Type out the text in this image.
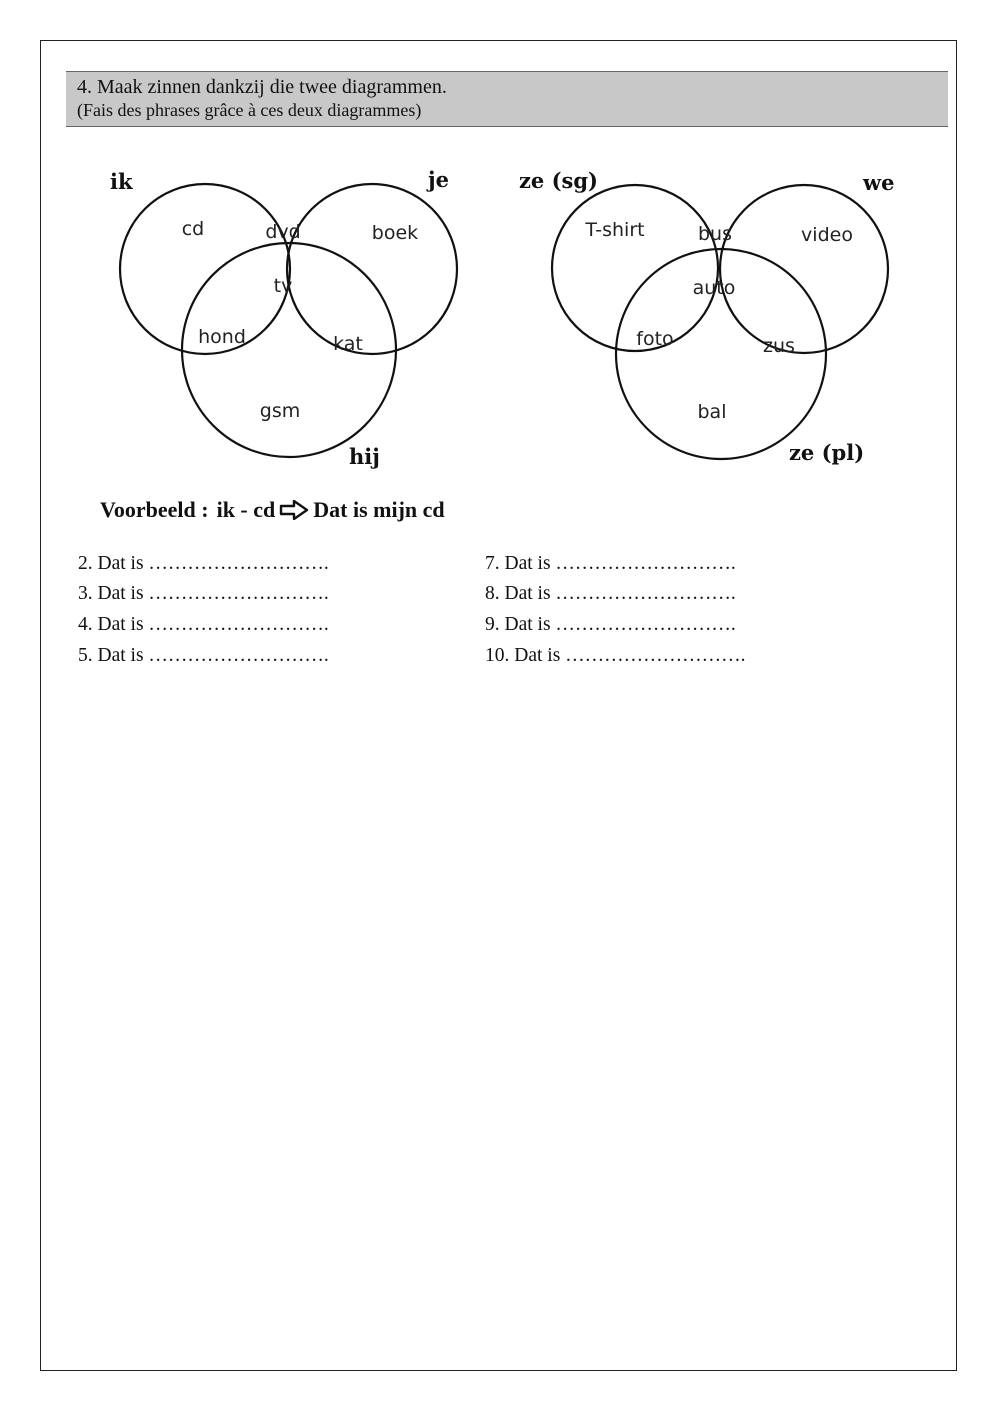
4. Maak zinnen dankzij die twee diagrammen.
(Fais des phrases grâce à ces deux diagrammes)
ik	je
hij
ze (sg)	we
ze (pl)
cd	dvd	boek
tv
hond	kat
gsm
T-shirt	bus	video
auto
foto	zus
bal
Voorbeeld : ik - cd Dat is mijn cd
2. Dat is ……………………….
3. Dat is ……………………….
4. Dat is ……………………….
5. Dat is ……………………….
7. Dat is ……………………….
8. Dat is ……………………….
9. Dat is ……………………….
10. Dat is ……………………….
